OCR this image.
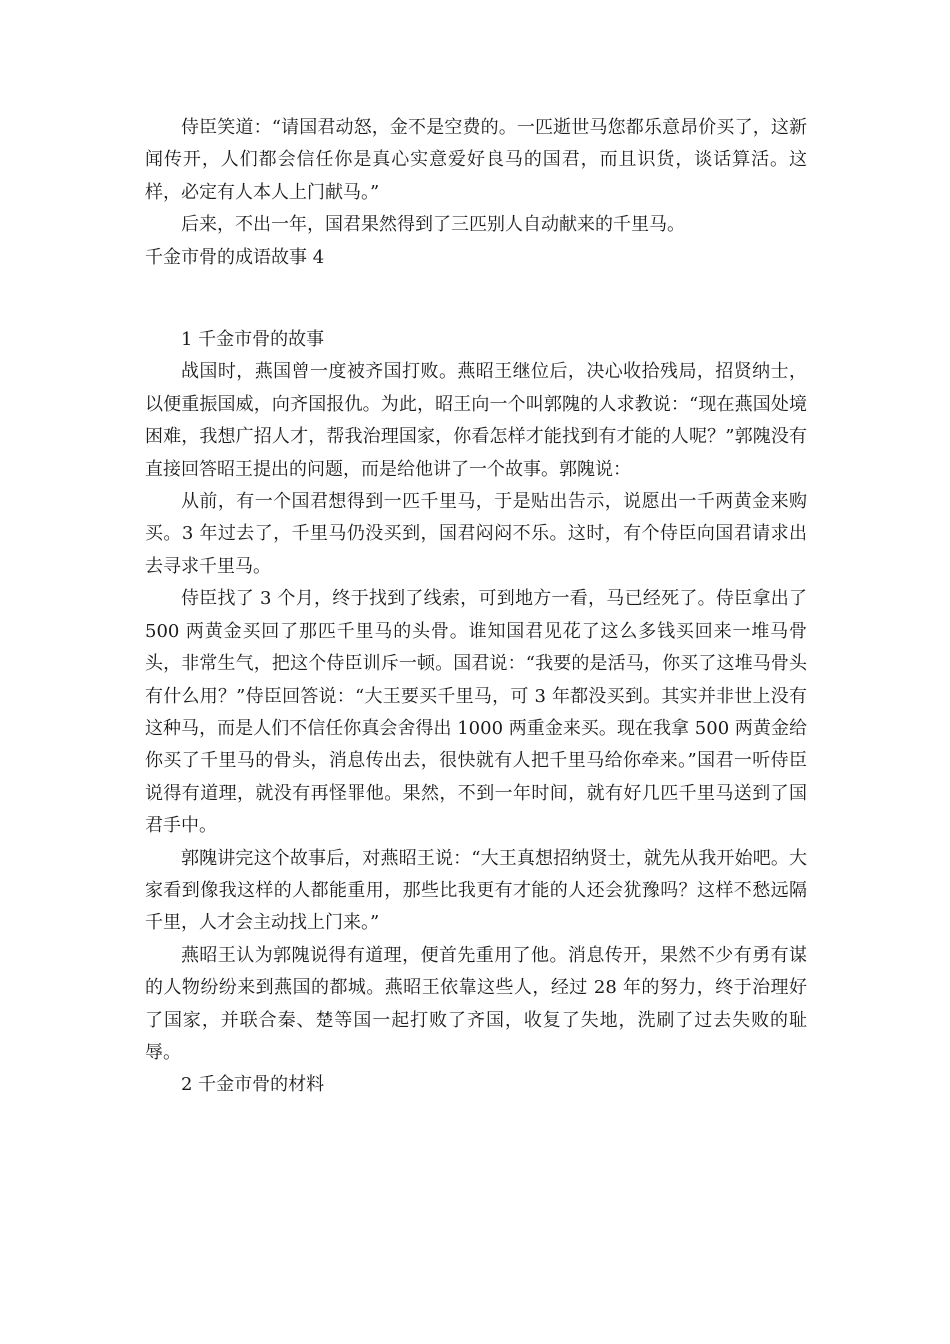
侍臣笑道：“请国君动怒，金不是空费的。一匹逝世马您都乐意昂价买了，这新闻传开，人们都会信任你是真心实意爱好良马的国君，而且识货，谈话算活。这样，必定有人本人上门献马。”

后来，不出一年，国君果然得到了三匹别人自动献来的千里马。

千金市骨的成语故事 4

1 千金市骨的故事

战国时，燕国曾一度被齐国打败。燕昭王继位后，决心收拾残局，招贤纳士，以便重振国威，向齐国报仇。为此，昭王向一个叫郭隗的人求教说：“现在燕国处境困难，我想广招人才，帮我治理国家，你看怎样才能找到有才能的人呢？”郭隗没有直接回答昭王提出的问题，而是给他讲了一个故事。郭隗说：

从前，有一个国君想得到一匹千里马，于是贴出告示，说愿出一千两黄金来购买。3 年过去了，千里马仍没买到，国君闷闷不乐。这时，有个侍臣向国君请求出去寻求千里马。

侍臣找了 3 个月，终于找到了线索，可到地方一看，马已经死了。侍臣拿出了 500 两黄金买回了那匹千里马的头骨。谁知国君见花了这么多钱买回来一堆马骨头，非常生气，把这个侍臣训斥一顿。国君说：“我要的是活马，你买了这堆马骨头有什么用？”侍臣回答说：“大王要买千里马，可 3 年都没买到。其实并非世上没有这种马，而是人们不信任你真会舍得出 1000 两重金来买。现在我拿 500 两黄金给你买了千里马的骨头，消息传出去，很快就有人把千里马给你牵来。”国君一听侍臣说得有道理，就没有再怪罪他。果然，不到一年时间，就有好几匹千里马送到了国君手中。

郭隗讲完这个故事后，对燕昭王说：“大王真想招纳贤士，就先从我开始吧。大家看到像我这样的人都能重用，那些比我更有才能的人还会犹豫吗？这样不愁远隔千里，人才会主动找上门来。”

燕昭王认为郭隗说得有道理，便首先重用了他。消息传开，果然不少有勇有谋的人物纷纷来到燕国的都城。燕昭王依靠这些人，经过 28 年的努力，终于治理好了国家，并联合秦、楚等国一起打败了齐国，收复了失地，洗刷了过去失败的耻辱。

2 千金市骨的材料
